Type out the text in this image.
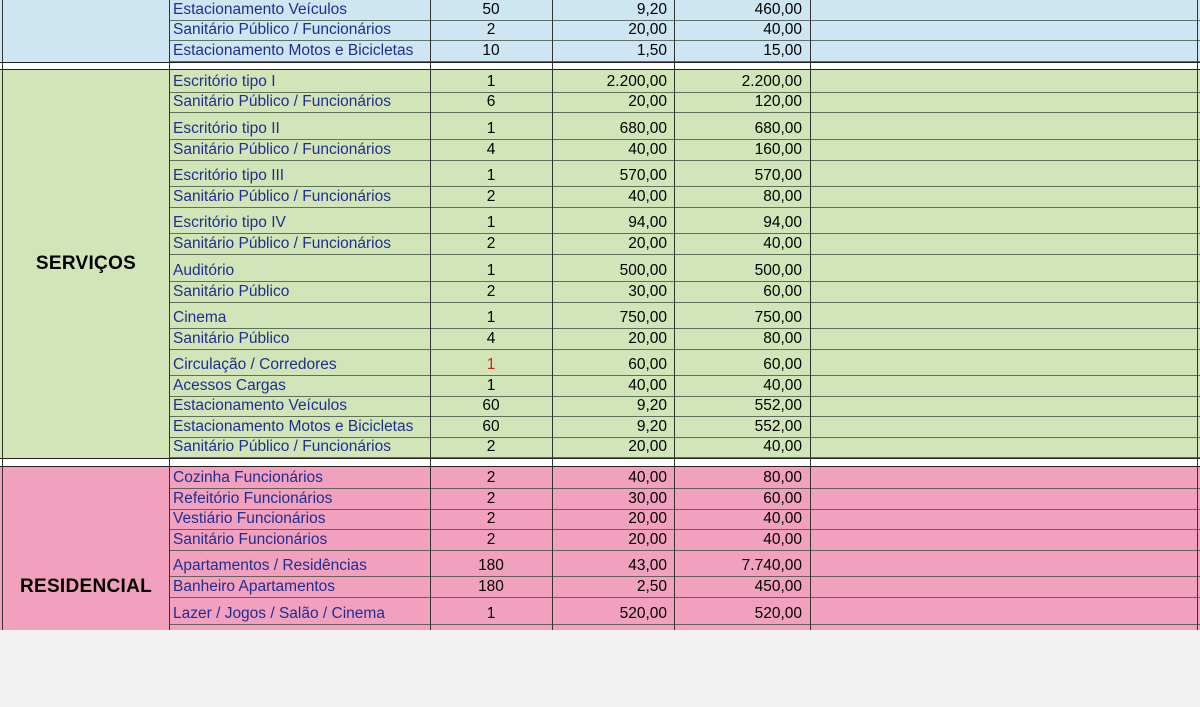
SERVIÇOS
RESIDENCIAL
Estacionamento Veículos	50	9,20	460,00
Sanitário Público / Funcionários	2	20,00	40,00
Estacionamento Motos e Bicicletas	10	1,50	15,00
Escritório tipo I	1	2.200,00	2.200,00
Sanitário Público / Funcionários	6	20,00	120,00
Escritório tipo II	1	680,00	680,00
Sanitário Público / Funcionários	4	40,00	160,00
Escritório tipo III	1	570,00	570,00
Sanitário Público / Funcionários	2	40,00	80,00
Escritório tipo IV	1	94,00	94,00
Sanitário Público / Funcionários	2	20,00	40,00
Auditório	1	500,00	500,00
Sanitário Público	2	30,00	60,00
Cinema	1	750,00	750,00
Sanitário Público	4	20,00	80,00
Circulação / Corredores	1	60,00	60,00
Acessos Cargas	1	40,00	40,00
Estacionamento Veículos	60	9,20	552,00
Estacionamento Motos e Bicicletas	60	9,20	552,00
Sanitário Público / Funcionários	2	20,00	40,00
Cozinha Funcionários	2	40,00	80,00
Refeitório Funcionários	2	30,00	60,00
Vestiário Funcionários	2	20,00	40,00
Sanitário Funcionários	2	20,00	40,00
Apartamentos / Residências	180	43,00	7.740,00
Banheiro Apartamentos	180	2,50	450,00
Lazer / Jogos / Salão / Cinema	1	520,00	520,00
